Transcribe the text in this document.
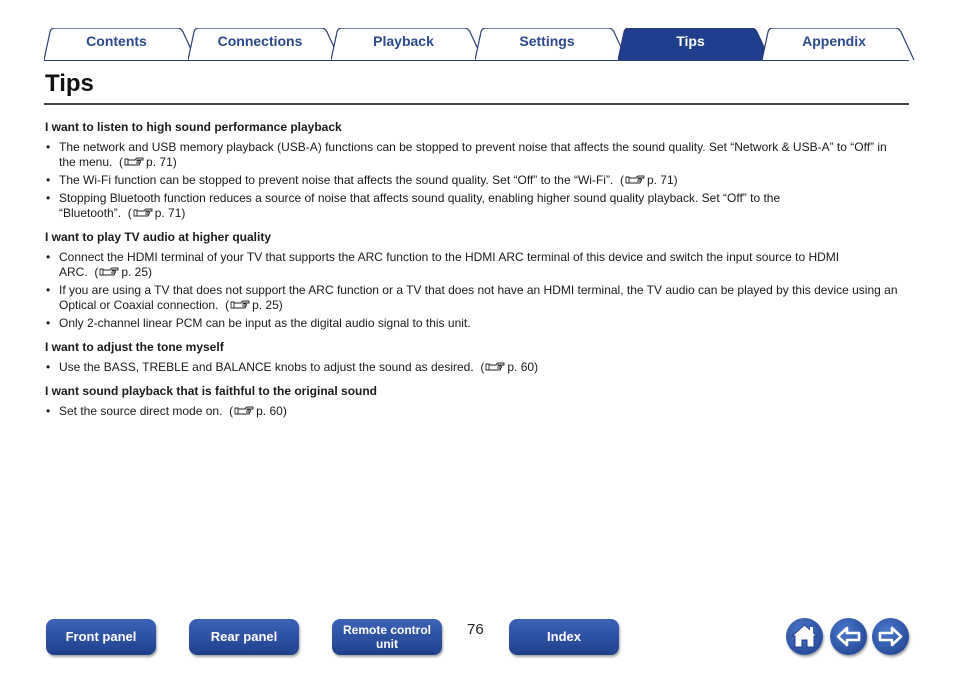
Contents	Connections	Playback	Settings	Tips	Appendix
Tips
I want to listen to high sound performance playback
• The network and USB memory playback (USB-A) functions can be stopped to prevent noise that affects the sound quality. Set “Network & USB-A” to “Off” in the menu.  ( p. 71)
• The Wi-Fi function can be stopped to prevent noise that affects the sound quality. Set “Off” to the “Wi-Fi”.  ( p. 71)
• Stopping Bluetooth function reduces a source of noise that affects sound quality, enabling higher sound quality playback. Set “Off” to the “Bluetooth”.  ( p. 71)
I want to play TV audio at higher quality
• Connect the HDMI terminal of your TV that supports the ARC function to the HDMI ARC terminal of this device and switch the input source to HDMI ARC.  ( p. 25)
• If you are using a TV that does not support the ARC function or a TV that does not have an HDMI terminal, the TV audio can be played by this device using an Optical or Coaxial connection.  ( p. 25)
• Only 2-channel linear PCM can be input as the digital audio signal to this unit.
I want to adjust the tone myself
• Use the BASS, TREBLE and BALANCE knobs to adjust the sound as desired.  ( p. 60)
I want sound playback that is faithful to the original sound
• Set the source direct mode on.  ( p. 60)
Front panel	Rear panel	Remote control
unit
76	Index
